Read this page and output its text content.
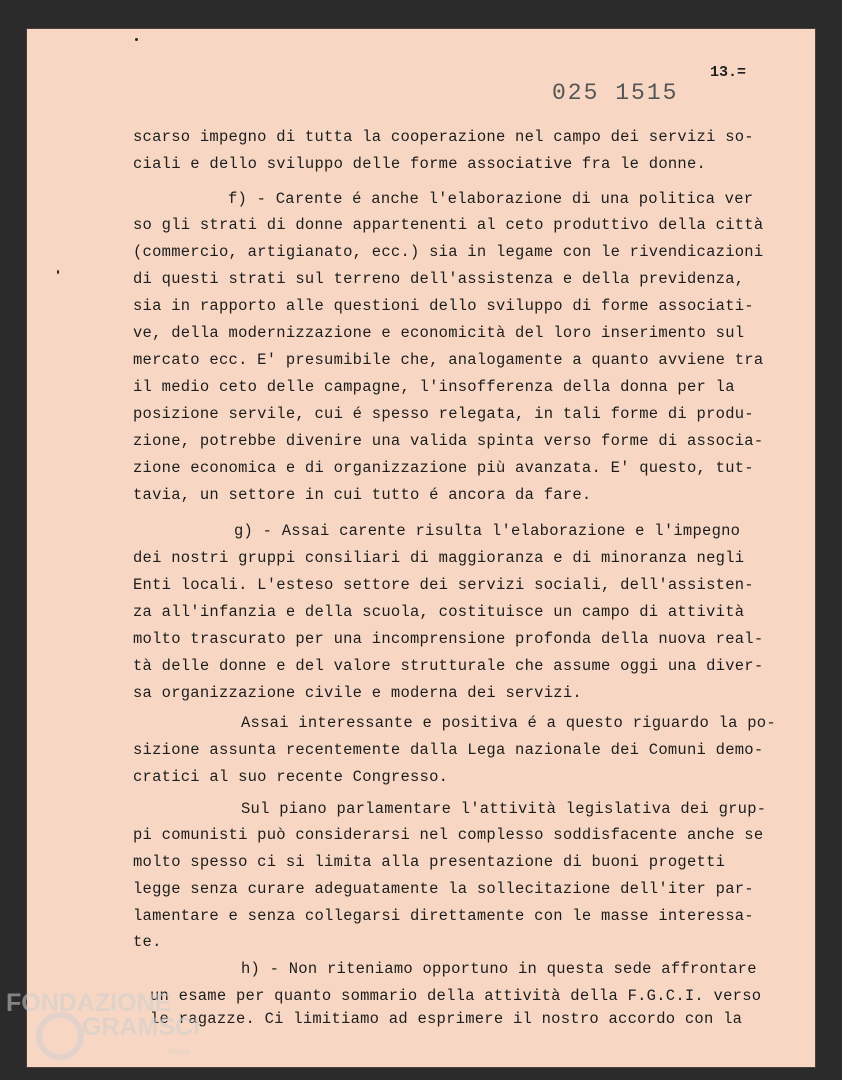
13.=
025 1515
scarso impegno di tutta la cooperazione nel campo dei servizi so-
ciali e dello sviluppo delle forme associative fra le donne.
f) - Carente é anche l'elaborazione di una politica ver
so gli strati di donne appartenenti al ceto produttivo della città
(commercio, artigianato, ecc.) sia in legame con le rivendicazioni
di questi strati sul terreno dell'assistenza e della previdenza,
sia in rapporto alle questioni dello sviluppo di forme associati-
ve, della modernizzazione e economicità del loro inserimento sul
mercato ecc. E' presumibile che, analogamente a quanto avviene tra
il medio ceto delle campagne, l'insofferenza della donna per la
posizione servile, cui é spesso relegata, in tali forme di produ-
zione, potrebbe divenire una valida spinta verso forme di associa-
zione economica e di organizzazione più avanzata. E' questo, tut-
tavia, un settore in cui tutto é ancora da fare.
g) - Assai carente risulta l'elaborazione e l'impegno
dei nostri gruppi consiliari di maggioranza e di minoranza negli
Enti locali. L'esteso settore dei servizi sociali, dell'assisten-
za all'infanzia e della scuola, costituisce un campo di attività
molto trascurato per una incomprensione profonda della nuova real-
tà delle donne e del valore strutturale che assume oggi una diver-
sa organizzazione civile e moderna dei servizi.
Assai interessante e positiva é a questo riguardo la po-
sizione assunta recentemente dalla Lega nazionale dei Comuni demo-
cratici al suo recente Congresso.
Sul piano parlamentare l'attività legislativa dei grup-
pi comunisti può considerarsi nel complesso soddisfacente anche se
molto spesso ci si limita alla presentazione di buoni progetti
legge senza curare adeguatamente la sollecitazione dell'iter par-
lamentare e senza collegarsi direttamente con le masse interessa-
te.
h) - Non riteniamo opportuno in questa sede affrontare
un esame per quanto sommario della attività della F.G.C.I. verso
le ragazze. Ci limitiamo ad esprimere il nostro accordo con la
FONDAZIONE
GRAMSCI
onlus
